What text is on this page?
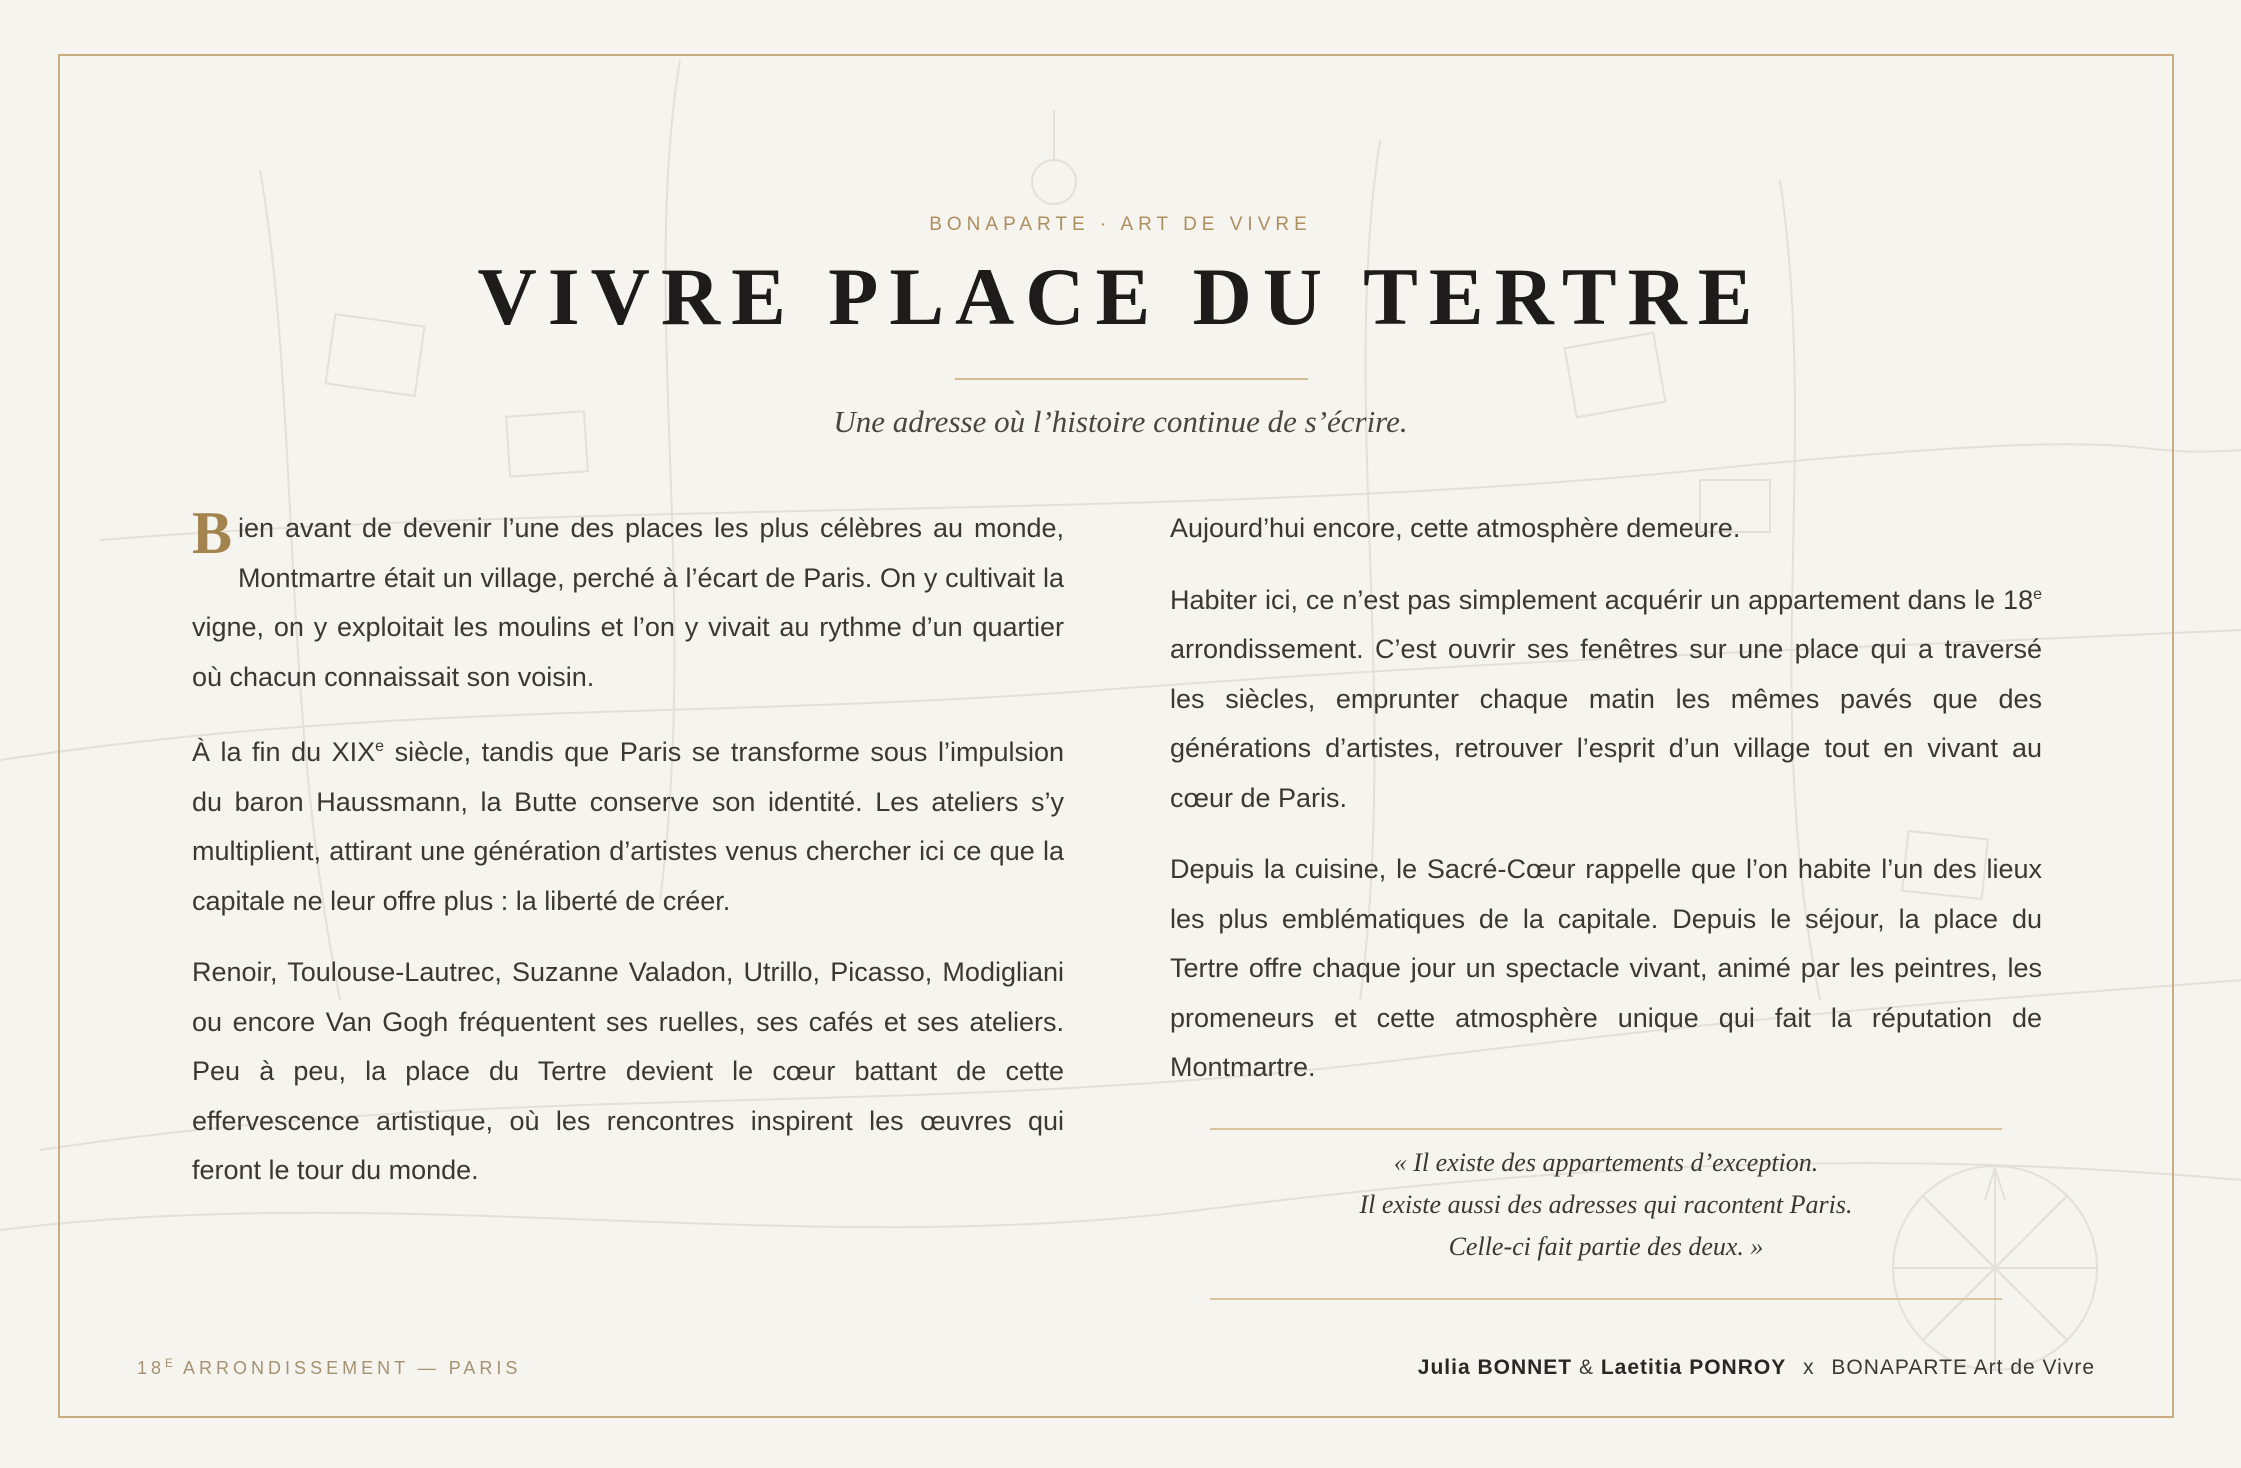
BONAPARTE · ART DE VIVRE
VIVRE PLACE DU TERTRE
Une adresse où l’histoire continue de s’écrire.

Bien avant de devenir l’une des places les plus célèbres au monde, Montmartre était un village, perché à l’écart de Paris. On y cultivait la vigne, on y exploitait les moulins et l’on y vivait au rythme d’un quartier où chacun connaissait son voisin.

À la fin du XIXe siècle, tandis que Paris se transforme sous l’impulsion du baron Haussmann, la Butte conserve son identité. Les ateliers s’y multiplient, attirant une génération d’artistes venus chercher ici ce que la capitale ne leur offre plus : la liberté de créer.

Renoir, Toulouse-Lautrec, Suzanne Valadon, Utrillo, Picasso, Modigliani ou encore Van Gogh fréquentent ses ruelles, ses cafés et ses ateliers. Peu à peu, la place du Tertre devient le cœur battant de cette effervescence artistique, où les rencontres inspirent les œuvres qui feront le tour du monde.

Aujourd’hui encore, cette atmosphère demeure.

Habiter ici, ce n’est pas simplement acquérir un appartement dans le 18e arrondissement. C’est ouvrir ses fenêtres sur une place qui a traversé les siècles, emprunter chaque matin les mêmes pavés que des générations d’artistes, retrouver l’esprit d’un village tout en vivant au cœur de Paris.

Depuis la cuisine, le Sacré-Cœur rappelle que l’on habite l’un des lieux les plus emblématiques de la capitale. Depuis le séjour, la place du Tertre offre chaque jour un spectacle vivant, animé par les peintres, les promeneurs et cette atmosphère unique qui fait la réputation de Montmartre.

« Il existe des appartements d’exception.
Il existe aussi des adresses qui racontent Paris.
Celle-ci fait partie des deux. »
$18^E$ ARRONDISSEMENT — PARIS	Julia BONNET & Laetitia PONROY x BONAPARTE Art de Vivre
